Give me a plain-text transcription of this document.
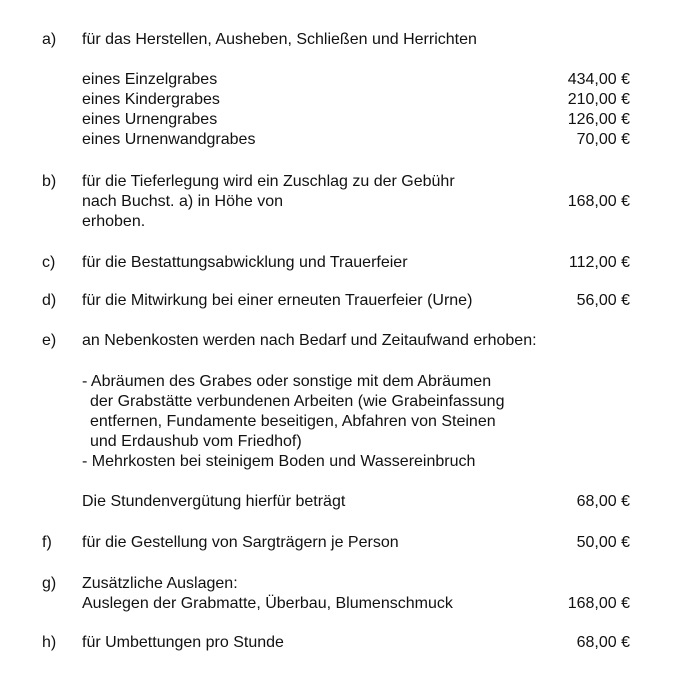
a) für das Herstellen, Ausheben, Schließen und Herrichten
eines Einzelgrabes	434,00 €
eines Kindergrabes	210,00 €
eines Urnengrabes	126,00 €
eines Urnenwandgrabes	70,00 €
b) für die Tieferlegung wird ein Zuschlag zu der Gebühr
nach Buchst. a) in Höhe von	168,00 €
erhoben.
c) für die Bestattungsabwicklung und Trauerfeier	112,00 €
d) für die Mitwirkung bei einer erneuten Trauerfeier (Urne)	56,00 €
e) an Nebenkosten werden nach Bedarf und Zeitaufwand erhoben:
- Abräumen des Grabes oder sonstige mit dem Abräumen
der Grabstätte verbundenen Arbeiten (wie Grabeinfassung
entfernen, Fundamente beseitigen, Abfahren von Steinen
und Erdaushub vom Friedhof)
- Mehrkosten bei steinigem Boden und Wassereinbruch
Die Stundenvergütung hierfür beträgt	68,00 €
f) für die Gestellung von Sargträgern je Person	50,00 €
g) Zusätzliche Auslagen:
Auslegen der Grabmatte, Überbau, Blumenschmuck	168,00 €
h) für Umbettungen pro Stunde	68,00 €
